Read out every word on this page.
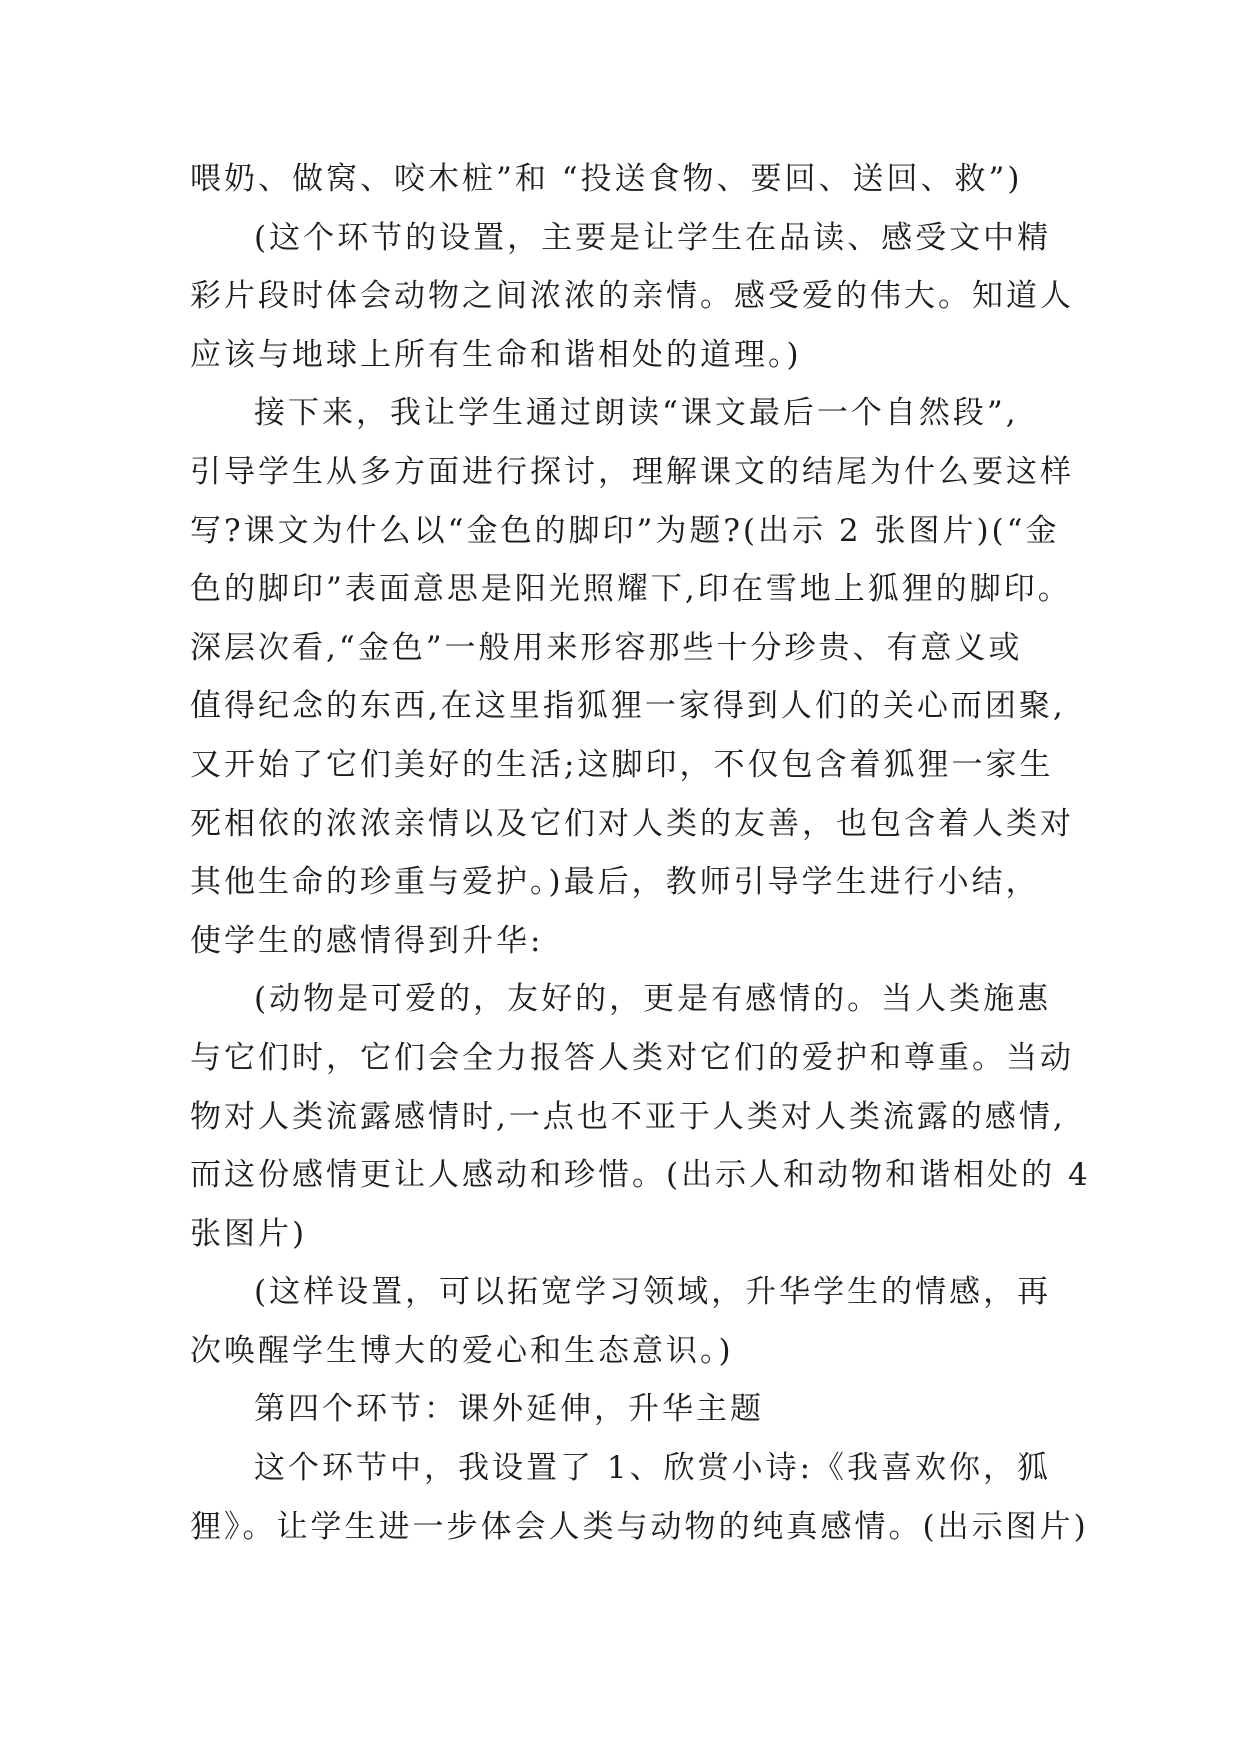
喂奶、做窝、咬木桩”和 “投送食物、要回、送回、救”)
(这个环节的设置，主要是让学生在品读、感受文中精
彩片段时体会动物之间浓浓的亲情。感受爱的伟大。知道人
应该与地球上所有生命和谐相处的道理。)
接下来，我让学生通过朗读“课文最后一个自然段”,
引导学生从多方面进行探讨，理解课文的结尾为什么要这样
写?课文为什么以“金色的脚印”为题?(出示 2 张图片)(“金
色的脚印”表面意思是阳光照耀下,印在雪地上狐狸的脚印。
深层次看,“金色”一般用来形容那些十分珍贵、有意义或
值得纪念的东西,在这里指狐狸一家得到人们的关心而团聚,
又开始了它们美好的生活;这脚印，不仅包含着狐狸一家生
死相依的浓浓亲情以及它们对人类的友善，也包含着人类对
其他生命的珍重与爱护。)最后，教师引导学生进行小结，
使学生的感情得到升华:
(动物是可爱的，友好的，更是有感情的。当人类施惠
与它们时，它们会全力报答人类对它们的爱护和尊重。当动
物对人类流露感情时,一点也不亚于人类对人类流露的感情,
而这份感情更让人感动和珍惜。(出示人和动物和谐相处的 4
张图片)
(这样设置，可以拓宽学习领域，升华学生的情感，再
次唤醒学生博大的爱心和生态意识。)
第四个环节：课外延伸，升华主题
这个环节中，我设置了 1、欣赏小诗:《我喜欢你，狐
狸》。让学生进一步体会人类与动物的纯真感情。(出示图片)
